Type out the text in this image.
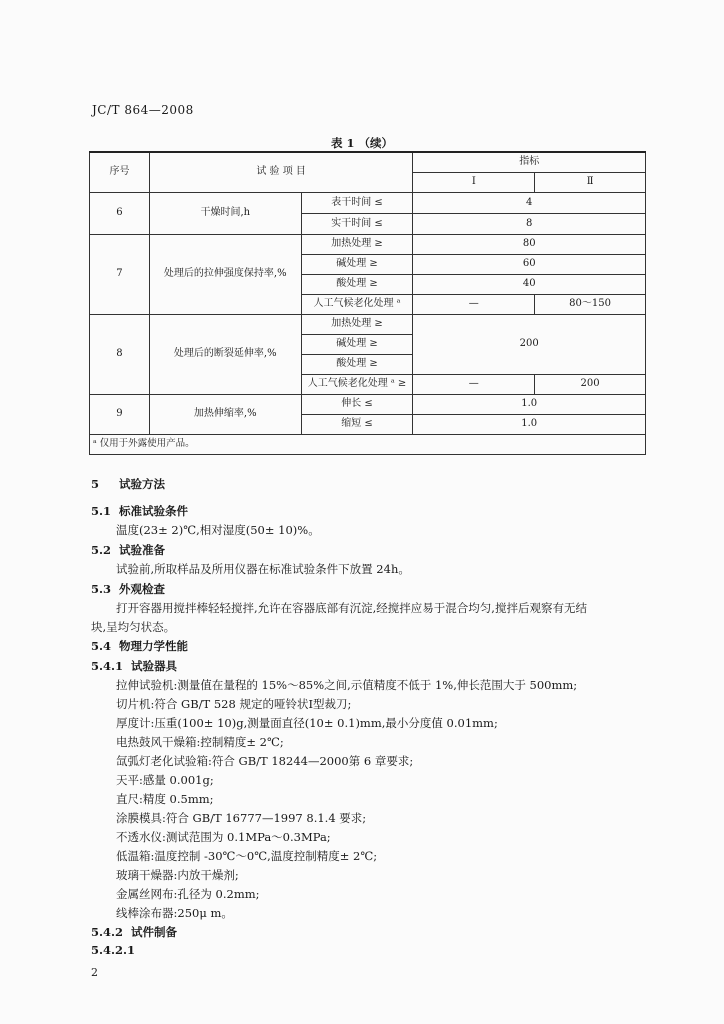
JC/T 864—2008
表 1 （续）
序号	试 验 项 目		指标	
			Ⅰ	Ⅱ
6	干燥时间,h	表干时间 ≤	4	
		实干时间 ≤	8	
7	处理后的拉伸强度保持率,%	加热处理 ≥	80	
		碱处理 ≥	60	
		酸处理 ≥	40	
		人工气候老化处理 ᵃ	—	80～150
8	处理后的断裂延伸率,%	加热处理 ≥	200	
		碱处理 ≥		
		酸处理 ≥		
		人工气候老化处理 ᵃ ≥	—	200
9	加热伸缩率,%	伸长 ≤	1.0	
		缩短 ≤	1.0	
ᵃ 仅用于外露使用产品。				
5 试验方法
5.1 标准试验条件
温度(23± 2)℃,相对湿度(50± 10)%。
5.2 试验准备
试验前,所取样品及所用仪器在标准试验条件下放置 24h。
5.3 外观检查
打开容器用搅拌棒轻轻搅拌,允许在容器底部有沉淀,经搅拌应易于混合均匀,搅拌后观察有无结
块,呈均匀状态。
5.4 物理力学性能
5.4.1 试验器具
拉伸试验机:测量值在量程的 15%～85%之间,示值精度不低于 1%,伸长范围大于 500mm;
切片机:符合 GB/T 528 规定的哑铃状Ⅰ型裁刀;
厚度计:压重(100± 10)g,测量面直径(10± 0.1)mm,最小分度值 0.01mm;
电热鼓风干燥箱:控制精度± 2℃;
氙弧灯老化试验箱:符合 GB/T 18244—2000第 6 章要求;
天平:感量 0.001g;
直尺:精度 0.5mm;
涂膜模具:符合 GB/T 16777—1997 8.1.4 要求;
不透水仪:测试范围为 0.1MPa～0.3MPa;
低温箱:温度控制 -30℃～0℃,温度控制精度± 2℃;
玻璃干燥器:内放干燥剂;
金属丝网布:孔径为 0.2mm;
线棒涂布器:250μ m。
5.4.2 试件制备
5.4.2.1
2
